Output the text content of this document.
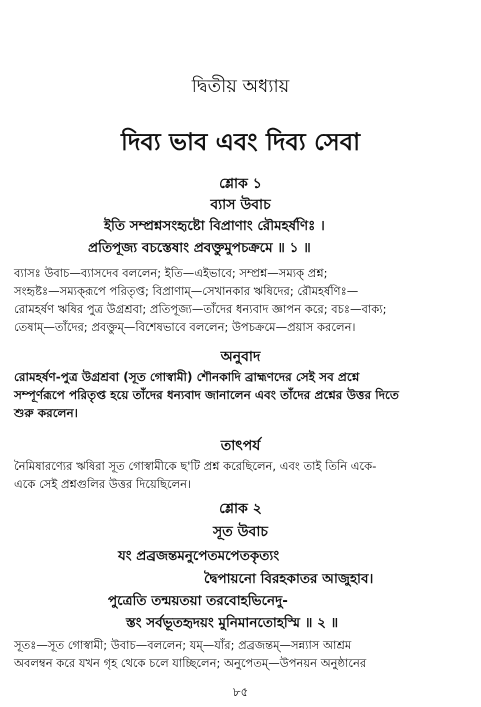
দ্বিতীয় অধ্যায়
দিব্য ভাব এবং দিব্য সেবা
শ্লোক ১
ব্যাস উবাচ
ইতি সম্প্রশ্নসংহৃষ্টো বিপ্রাণাং রৌমহর্ষণিঃ ।
প্রতিপূজ্য বচস্তেষাং প্রবক্তুমুপচক্রমে ॥ ১ ॥
ব্যাসঃ উবাচ—ব্যাসদেব বললেন; ইতি—এইভাবে; সম্প্রশ্ন—সম্যক্‌ প্রশ্ন;
সংহৃষ্টঃ—সম্যক্‌রূপে পরিতৃপ্ত; বিপ্রাণাম্—সেখানকার ঋষিদের; রৌমহর্ষণিঃ—
রোমহর্ষণ ঋষির পুত্র উগ্রশ্রবা; প্রতিপূজ্য—তাঁদের ধন্যবাদ জ্ঞাপন করে; বচঃ—বাক্য;
তেষাম্—তাঁদের; প্রবক্তুম্—বিশেষভাবে বললেন; উপচক্রমে—প্রয়াস করলেন।
অনুবাদ
রোমহর্ষণ-পুত্র উগ্রশ্রবা (সূত গোস্বামী) শৌনকাদি ব্রাহ্মণদের সেই সব প্রশ্নে
সম্পূর্ণরূপে পরিতৃপ্ত হয়ে তাঁদের ধন্যবাদ জানালেন এবং তাঁদের প্রশ্নের উত্তর দিতে
শুরু করলেন।
তাৎপর্য
নৈমিষারণ্যের ঋষিরা সূত গোস্বামীকে ছ'টি প্রশ্ন করেছিলেন, এবং তাই তিনি একে-
একে সেই প্রশ্নগুলির উত্তর দিয়েছিলেন।
শ্লোক ২
সূত উবাচ
যং প্রব্রজন্তমনুপেতমপেতকৃত্যং
দ্বৈপায়নো বিরহকাতর আজুহাব।
পুত্রেতি তন্ময়তয়া তরবোহভিনেদু-
স্তং সর্বভূতহৃদয়ং মুনিমানতোহস্মি ॥ ২ ॥
সূতঃ—সূত গোস্বামী; উবাচ—বললেন; যম্—যাঁর; প্রব্রজন্তম্—সন্ন্যাস আশ্রম
অবলম্বন করে যখন গৃহ থেকে চলে যাচ্ছিলেন; অনুপেতম্—উপনয়ন অনুষ্ঠানের
৮৫
